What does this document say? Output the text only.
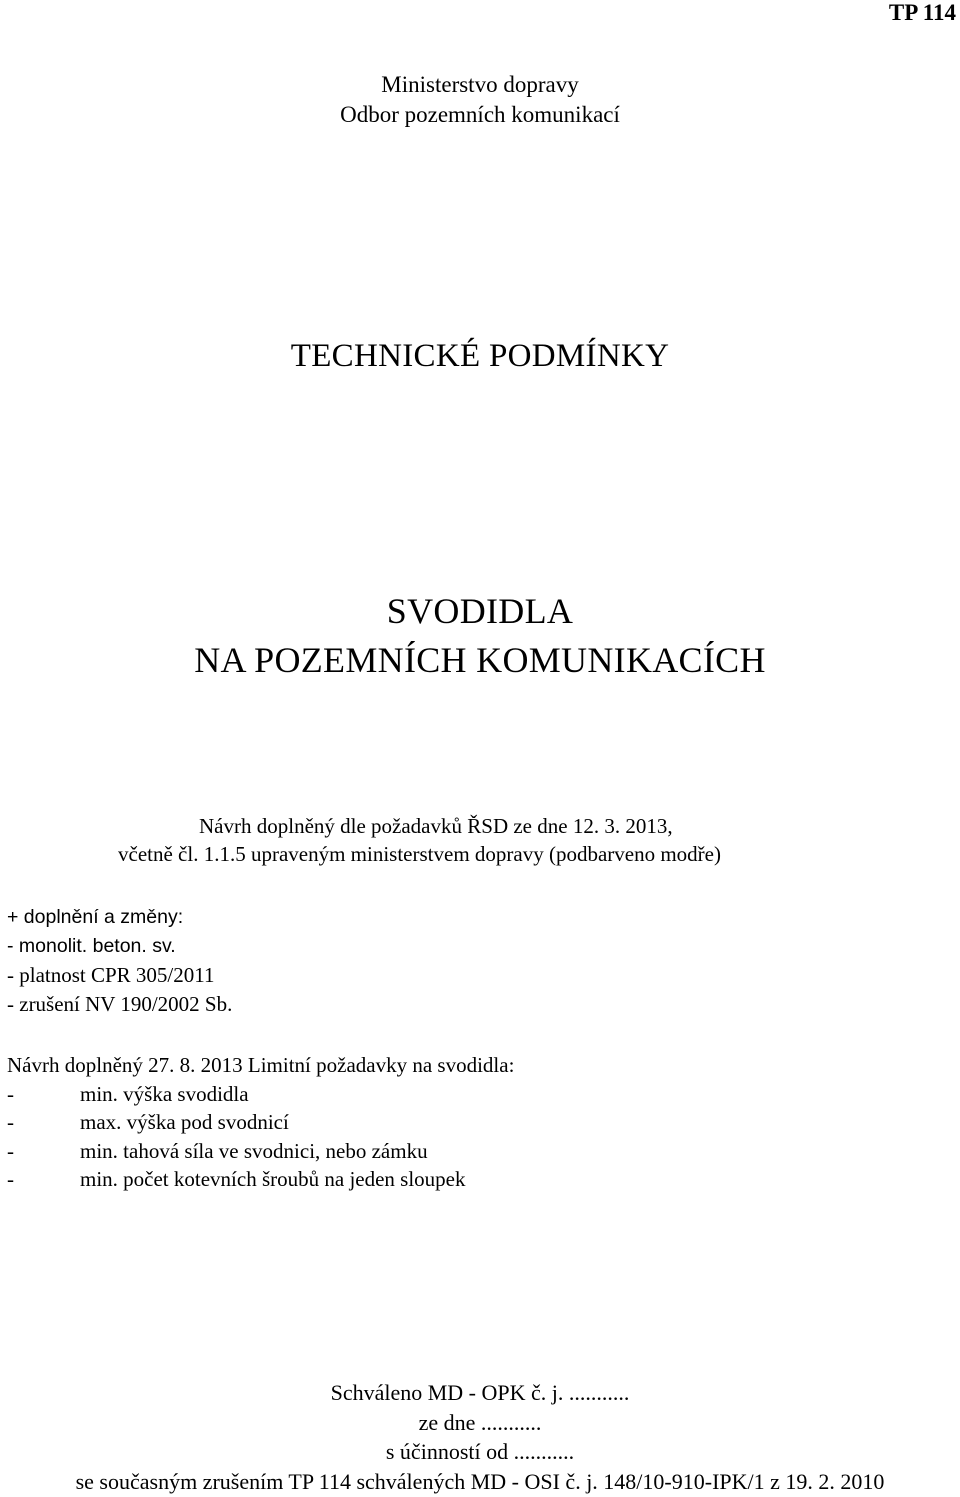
TP 114
Ministerstvo dopravy
Odbor pozemních komunikací
TECHNICKÉ PODMÍNKY
SVODIDLA
NA POZEMNÍCH KOMUNIKACÍCH
Návrh doplněný dle požadavků ŘSD ze dne 12. 3. 2013,
včetně čl. 1.1.5 upraveným ministerstvem dopravy (podbarveno modře)
+ doplnění a změny:
- monolit. beton. sv.
- platnost CPR 305/2011
- zrušení NV 190/2002 Sb.
Návrh doplněný 27. 8. 2013 Limitní požadavky na svodidla:
-	min. výška svodidla
-	max. výška pod svodnicí
-	min. tahová síla ve svodnici, nebo zámku
-	min. počet kotevních šroubů na jeden sloupek
Schváleno MD - OPK č. j. ...........
ze dne ...........
s účinností od ...........
se současným zrušením TP 114 schválených MD - OSI č. j. 148/10-910-IPK/1 z 19. 2. 2010
